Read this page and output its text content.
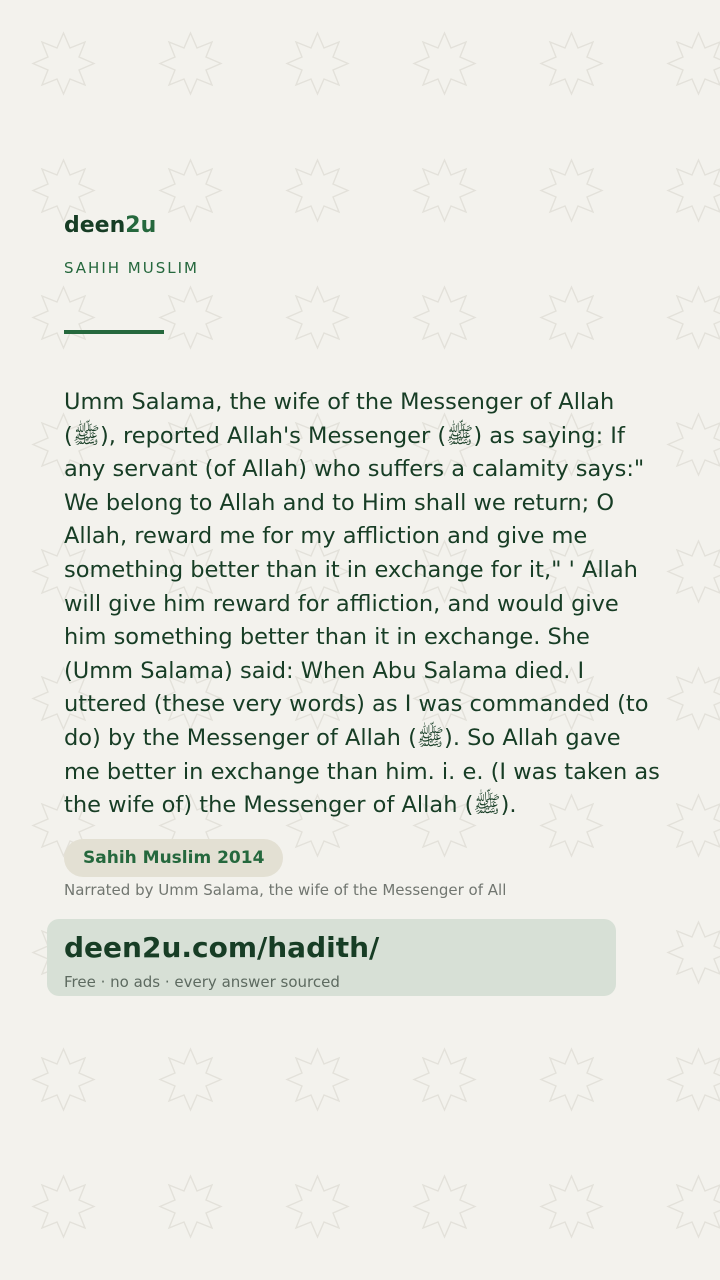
deen2u
SAHIH MUSLIM

Umm Salama, the wife of the Messenger of Allah (ﷺ), reported Allah's Messenger (ﷺ) as saying: If any servant (of Allah) who suffers a calamity says:" We belong to Allah and to Him shall we return; O Allah, reward me for my affliction and give me something better than it in exchange for it," ' Allah will give him reward for affliction, and would give him something better than it in exchange. She (Umm Salama) said: When Abu Salama died. I uttered (these very words) as I was commanded (to do) by the Messenger of Allah (ﷺ). So Allah gave me better in exchange than him. i. e. (I was taken as the wife of) the Messenger of Allah (ﷺ).

Sahih Muslim 2014
Narrated by Umm Salama, the wife of the Messenger of All
deen2u.com/hadith/
Free · no ads · every answer sourced
